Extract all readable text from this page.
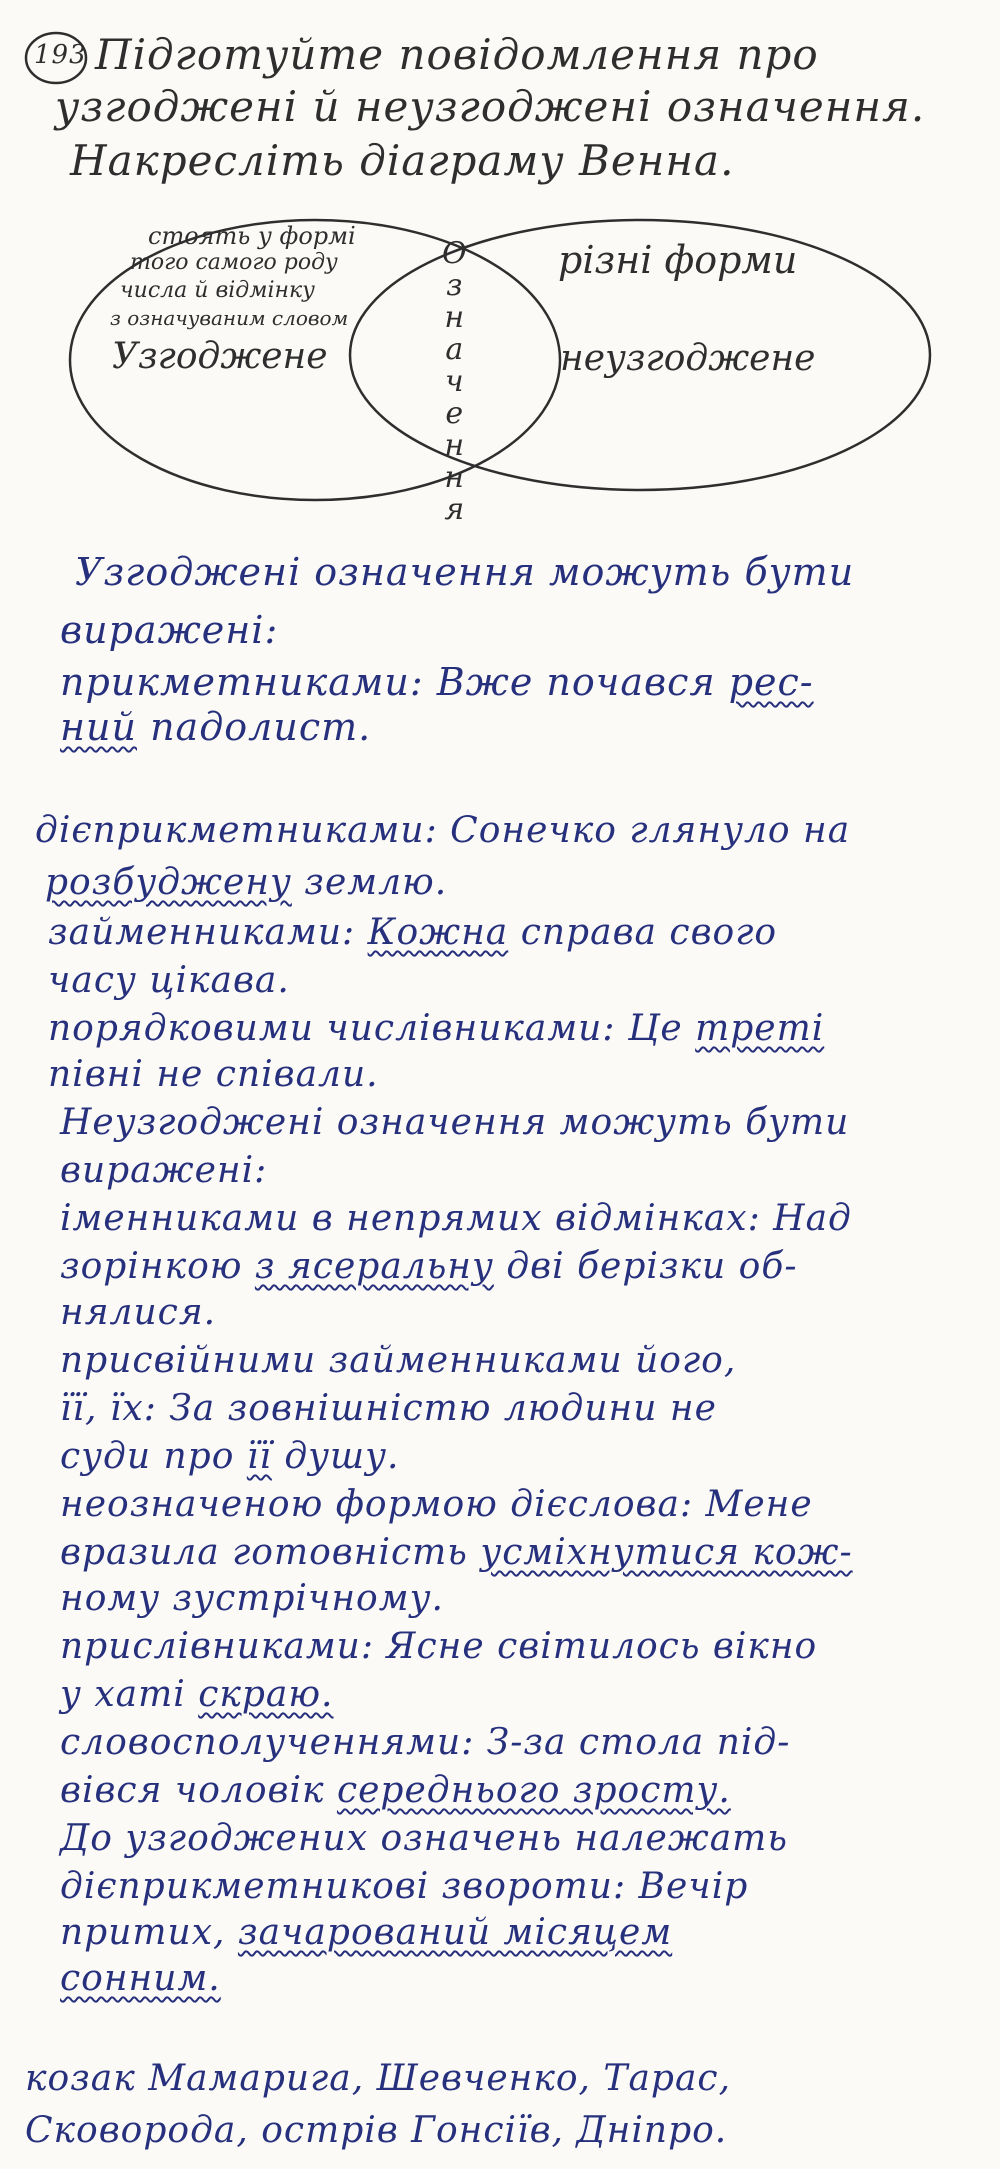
193 Підготуйте повідомлення про
узгоджені й неузгоджені означення.
Накресліть діаграму Венна.
стоять у формі
того самого роду
числа й відмінку
з означуваним словом
Узгоджене
різні форми
неузгоджене
О
з
н
а
ч
е
н
н
я
Узгоджені означення можуть бути
виражені:
прикметниками: Вже почався рес-
ний падолист.
дієприкметниками: Сонечко глянуло на
розбуджену землю.
займенниками: Кожна справа свого
часу цікава.
порядковими числівниками: Це треті
півні не співали.
Неузгоджені означення можуть бути
виражені:
іменниками в непрямих відмінках: Над
зорінкою з ясеральну дві берізки об-
нялися.
присвійними займенниками його,
її, їх: За зовнішністю людини не
суди про її душу.
неозначеною формою дієслова: Мене
вразила готовність усміхнутися кож-
ному зустрічному.
прислівниками: Ясне світилось вікно
у хаті скраю.
словосполученнями: З-за стола під-
вівся чоловік середнього зросту.
До узгоджених означень належать
дієприкметникові звороти: Вечір
притих, зачарований місяцем
сонним.
козак Мамарига, Шевченко, Тарас,
Сковорода, острів Гонсіїв, Дніпро.
